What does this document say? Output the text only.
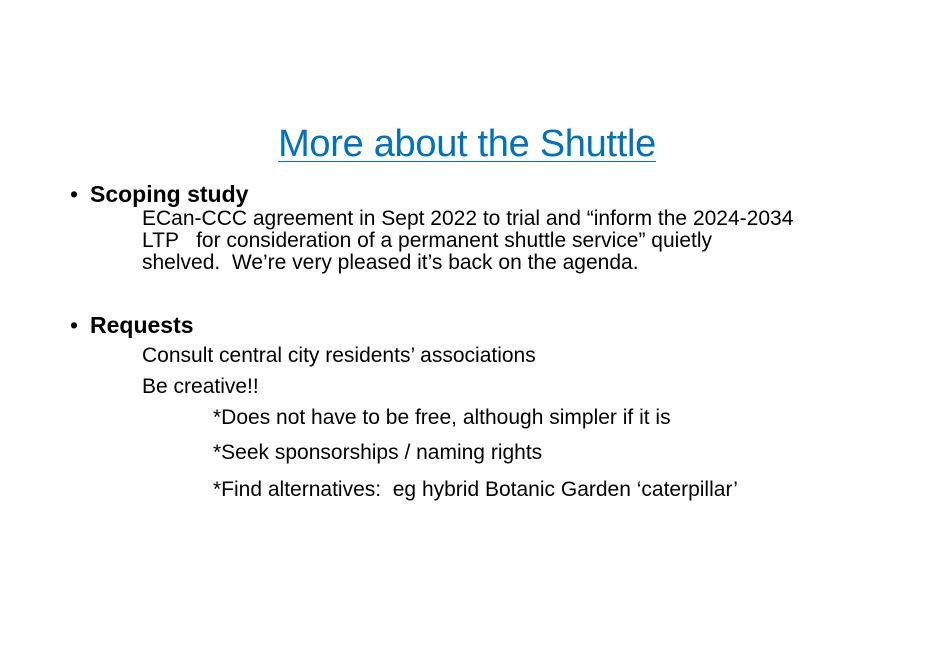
More about the Shuttle
• Scoping study
ECan-CCC agreement in Sept 2022 to trial and “inform the 2024-2034
LTP   for consideration of a permanent shuttle service” quietly
shelved.  We’re very pleased it’s back on the agenda.
• Requests
Consult central city residents’ associations
Be creative!!
*Does not have to be free, although simpler if it is
*Seek sponsorships / naming rights
*Find alternatives:  eg hybrid Botanic Garden ‘caterpillar’
